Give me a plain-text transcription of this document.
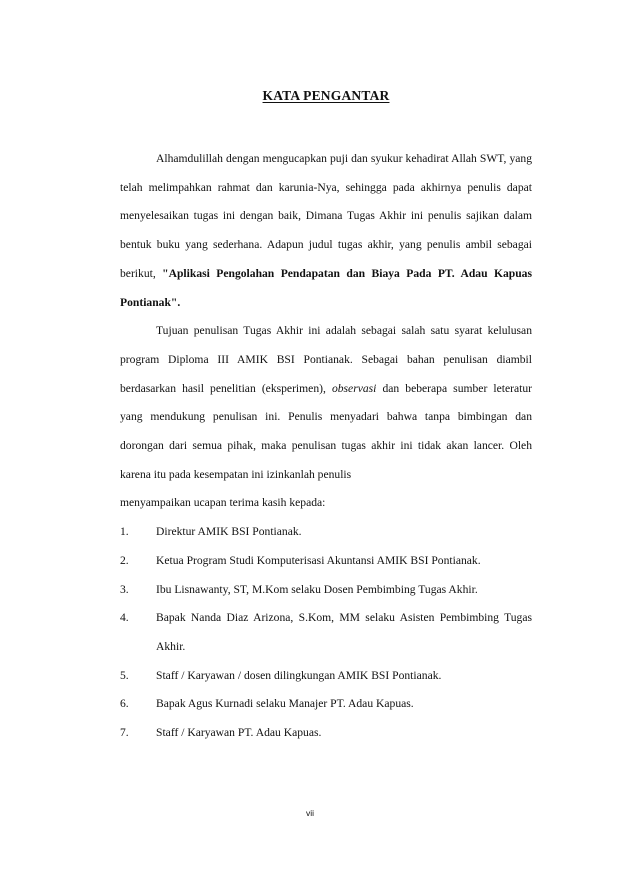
KATA PENGANTAR

Alhamdulillah dengan mengucapkan puji dan syukur kehadirat Allah SWT, yang telah melimpahkan rahmat dan karunia-Nya, sehingga pada akhirnya penulis dapat menyelesaikan tugas ini dengan baik, Dimana Tugas Akhir ini penulis sajikan dalam bentuk buku yang sederhana. Adapun judul tugas akhir, yang penulis ambil sebagai berikut, "Aplikasi Pengolahan Pendapatan dan Biaya Pada PT. Adau Kapuas Pontianak".

Tujuan penulisan Tugas Akhir ini adalah sebagai salah satu syarat kelulusan program Diploma III AMIK BSI Pontianak. Sebagai bahan penulisan diambil berdasarkan hasil penelitian (eksperimen), observasi dan beberapa sumber leteratur yang mendukung penulisan ini. Penulis menyadari bahwa tanpa bimbingan dan dorongan dari semua pihak, maka penulisan tugas akhir ini tidak akan lancer. Oleh karena itu pada kesempatan ini izinkanlah penulis

menyampaikan ucapan terima kasih kepada:

1. Direktur AMIK BSI Pontianak.
2. Ketua Program Studi Komputerisasi Akuntansi AMIK BSI Pontianak.
3. Ibu Lisnawanty, ST, M.Kom selaku Dosen Pembimbing Tugas Akhir.
4. Bapak Nanda Diaz Arizona, S.Kom, MM selaku Asisten Pembimbing Tugas Akhir.
5. Staff / Karyawan / dosen dilingkungan AMIK BSI Pontianak.
6. Bapak Agus Kurnadi selaku Manajer PT. Adau Kapuas.
7. Staff / Karyawan PT. Adau Kapuas.
vii
